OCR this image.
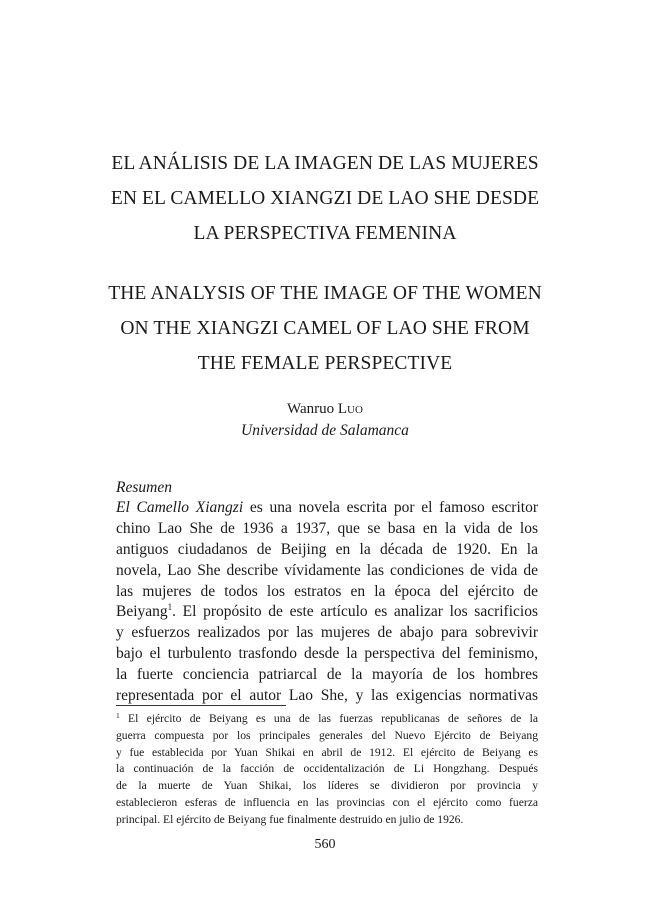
EL ANÁLISIS DE LA IMAGEN DE LAS MUJERES
EN EL CAMELLO XIANGZI DE LAO SHE DESDE
LA PERSPECTIVA FEMENINA
THE ANALYSIS OF THE IMAGE OF THE WOMEN
ON THE XIANGZI CAMEL OF LAO SHE FROM
THE FEMALE PERSPECTIVE
Wanruo Luo
Universidad de Salamanca

Resumen

El Camello Xiangzi es una novela escrita por el famoso escritor
chino Lao She de 1936 a 1937, que se basa en la vida de los
antiguos ciudadanos de Beijing en la década de 1920. En la
novela, Lao She describe vívidamente las condiciones de vida de
las mujeres de todos los estratos en la época del ejército de
Beiyang$^1$. El propósito de este artículo es analizar los sacrificios
y esfuerzos realizados por las mujeres de abajo para sobrevivir
bajo el turbulento trasfondo desde la perspectiva del feminismo,
la fuerte conciencia patriarcal de la mayoría de los hombres
representada por el autor Lao She, y las exigencias normativas
$^1$ El ejército de Beiyang es una de las fuerzas republicanas de señores de la
guerra compuesta por los principales generales del Nuevo Ejército de Beiyang
y fue establecida por Yuan Shikai en abril de 1912. El ejército de Beiyang es
la continuación de la facción de occidentalización de Li Hongzhang. Después
de la muerte de Yuan Shikai, los líderes se dividieron por provincia y
establecieron esferas de influencia en las provincias con el ejército como fuerza
principal. El ejército de Beiyang fue finalmente destruido en julio de 1926.
560
